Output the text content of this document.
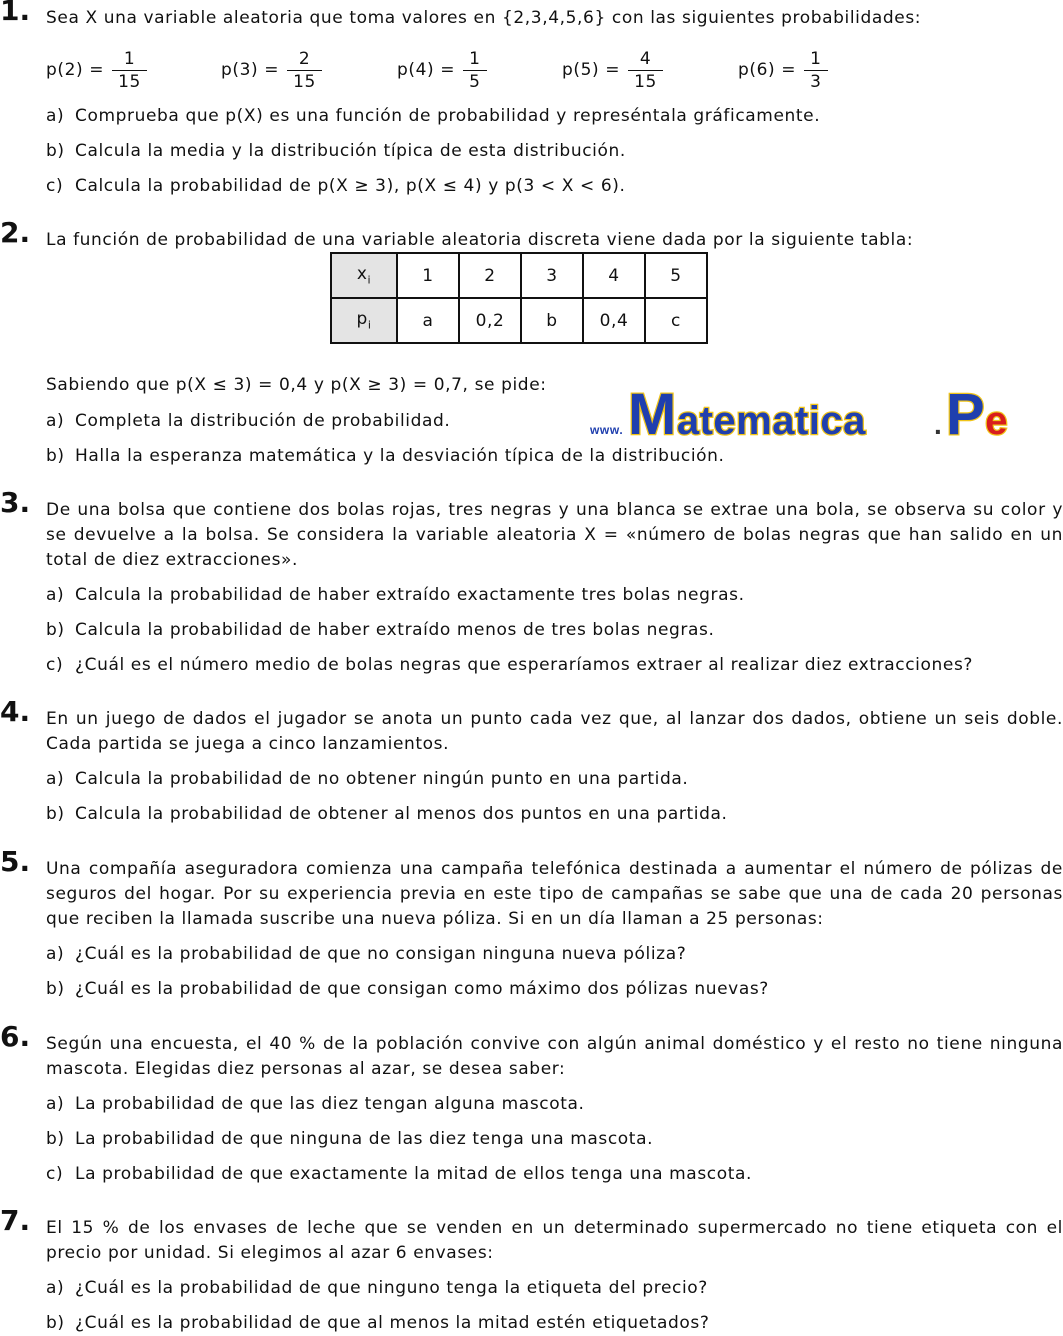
1. Sea X una variable aleatoria que toma valores en {2,3,4,5,6} con las siguientes probabilidades:
$p(2) = \frac{1}{15}$	$p(3) = \frac{2}{15}$	$p(4) = \frac{1}{5}$	$p(5) = \frac{4}{15}$	$p(6) = \frac{1}{3}$
a) Comprueba que p(X) es una función de probabilidad y represéntala gráficamente.
b) Calcula la media y la distribución típica de esta distribución.
c) Calcula la probabilidad de p(X ≥ 3), p(X ≤ 4) y p(3 < X < 6).
2. La función de probabilidad de una variable aleatoria discreta viene dada por la siguiente tabla:
$x_i$	1	2	3	4	5
$p_i$	a	0,2	b	0,4	c
Sabiendo que p(X ≤ 3) = 0,4 y p(X ≥ 3) = 0,7, se pide:
a) Completa la distribución de probabilidad.
b) Halla la esperanza matemática y la desviación típica de la distribución.
www. Matematica . Pe
3. De una bolsa que contiene dos bolas rojas, tres negras y una blanca se extrae una bola, se observa su color y se devuelve a la bolsa. Se considera la variable aleatoria X = «número de bolas negras que han salido en un total de diez extracciones».
a) Calcula la probabilidad de haber extraído exactamente tres bolas negras.
b) Calcula la probabilidad de haber extraído menos de tres bolas negras.
c) ¿Cuál es el número medio de bolas negras que esperaríamos extraer al realizar diez extracciones?
4. En un juego de dados el jugador se anota un punto cada vez que, al lanzar dos dados, obtiene un seis doble. Cada partida se juega a cinco lanzamientos.
a) Calcula la probabilidad de no obtener ningún punto en una partida.
b) Calcula la probabilidad de obtener al menos dos puntos en una partida.
5. Una compañía aseguradora comienza una campaña telefónica destinada a aumentar el número de pólizas de seguros del hogar. Por su experiencia previa en este tipo de campañas se sabe que una de cada 20 personas que reciben la llamada suscribe una nueva póliza. Si en un día llaman a 25 personas:
a) ¿Cuál es la probabilidad de que no consigan ninguna nueva póliza?
b) ¿Cuál es la probabilidad de que consigan como máximo dos pólizas nuevas?
6. Según una encuesta, el 40 % de la población convive con algún animal doméstico y el resto no tiene ninguna mascota. Elegidas diez personas al azar, se desea saber:
a) La probabilidad de que las diez tengan alguna mascota.
b) La probabilidad de que ninguna de las diez tenga una mascota.
c) La probabilidad de que exactamente la mitad de ellos tenga una mascota.
7. El 15 % de los envases de leche que se venden en un determinado supermercado no tiene etiqueta con el precio por unidad. Si elegimos al azar 6 envases:
a) ¿Cuál es la probabilidad de que ninguno tenga la etiqueta del precio?
b) ¿Cuál es la probabilidad de que al menos la mitad estén etiquetados?
